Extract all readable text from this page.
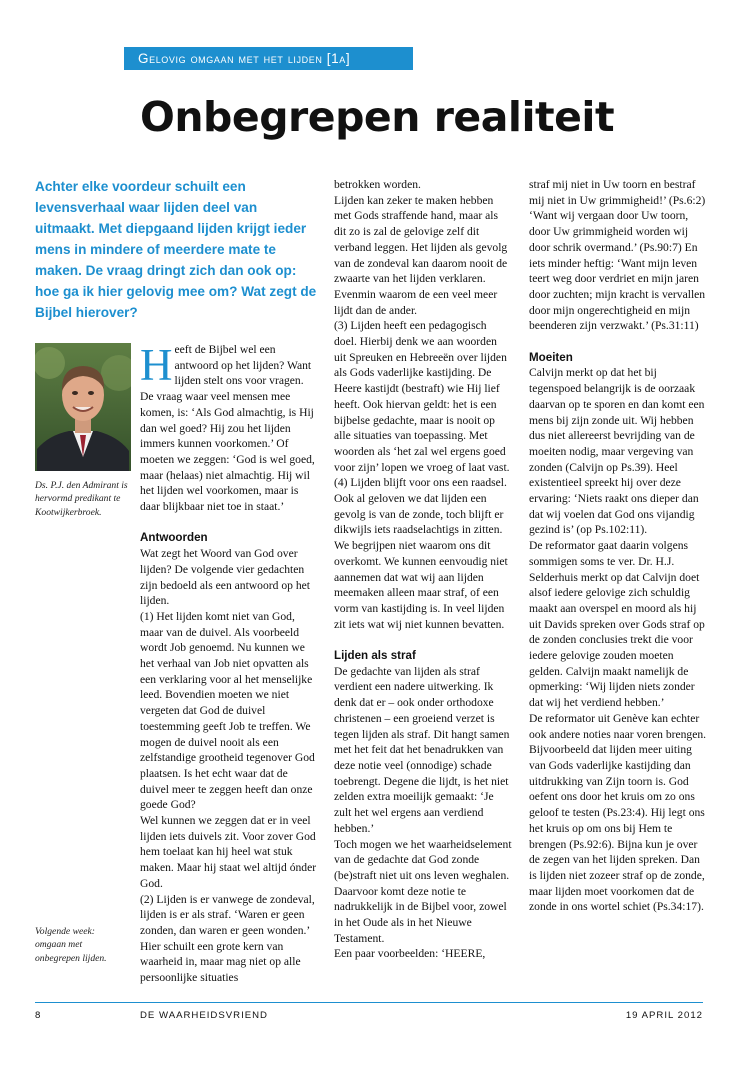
Gelovig omgaan met het lijden [1a]
Onbegrepen realiteit
Achter elke voordeur schuilt een levensverhaal waar lijden deel van uitmaakt. Met diepgaand lijden krijgt ieder mens in mindere of meerdere mate te maken. De vraag dringt zich dan ook op: hoe ga ik hier gelovig mee om? Wat zegt de Bijbel hierover?
Ds. P.J. den Admirant is hervormd predikant te Kootwijkerbroek.
Volgende week: omgaan met onbegrepen lijden.

Heeft de Bijbel wel een antwoord op het lijden? Want lijden stelt ons voor vragen. De vraag waar veel mensen mee komen, is: ‘Als God almachtig, is Hij dan wel goed? Hij zou het lijden immers kunnen voorkomen.’ Of moeten we zeggen: ‘God is wel goed, maar (helaas) niet almachtig. Hij wil het lijden wel voorkomen, maar is daar blijkbaar niet toe in staat.’

Antwoorden

Wat zegt het Woord van God over lijden? De volgende vier gedachten zijn bedoeld als een antwoord op het lijden.

(1) Het lijden komt niet van God, maar van de duivel. Als voorbeeld wordt Job genoemd. Nu kunnen we het verhaal van Job niet opvatten als een verklaring voor al het menselijke leed. Bovendien moeten we niet vergeten dat God de duivel toestemming geeft Job te treffen. We mogen de duivel nooit als een zelfstandige grootheid tegenover God plaatsen. Is het echt waar dat de duivel meer te zeggen heeft dan onze goede God?

Wel kunnen we zeggen dat er in veel lijden iets duivels zit. Voor zover God hem toelaat kan hij heel wat stuk maken. Maar hij staat wel altijd ónder God.

(2) Lijden is er vanwege de zondeval, lijden is er als straf. ‘Waren er geen zonden, dan waren er geen wonden.’ Hier schuilt een grote kern van waarheid in, maar mag niet op alle persoonlijke situaties

betrokken worden.

Lijden kan zeker te maken hebben met Gods straffende hand, maar als dit zo is zal de gelovige zelf dit verband leggen. Het lijden als gevolg van de zondeval kan daarom nooit de zwaarte van het lijden verklaren. Evenmin waarom de een veel meer lijdt dan de ander.

(3) Lijden heeft een pedagogisch doel. Hierbij denk we aan woorden uit Spreuken en Hebreeën over lijden als Gods vaderlijke kastijding. De Heere kastijdt (bestraft) wie Hij lief heeft. Ook hiervan geldt: het is een bijbelse gedachte, maar is nooit op alle situaties van toepassing. Met woorden als ‘het zal wel ergens goed voor zijn’ lopen we vroeg of laat vast.

(4) Lijden blijft voor ons een raadsel. Ook al geloven we dat lijden een gevolg is van de zonde, toch blijft er dikwijls iets raadselachtigs in zitten. We begrijpen niet waarom ons dit overkomt. We kunnen eenvoudig niet aannemen dat wat wij aan lijden meemaken alleen maar straf, of een vorm van kastijding is. In veel lijden zit iets wat wij niet kunnen bevatten.

Lijden als straf

De gedachte van lijden als straf verdient een nadere uitwerking. Ik denk dat er – ook onder orthodoxe christenen – een groeiend verzet is tegen lijden als straf. Dit hangt samen met het feit dat het benadrukken van deze notie veel (onnodige) schade toebrengt. Degene die lijdt, is het niet zelden extra moeilijk gemaakt: ‘Je zult het wel ergens aan verdiend hebben.’

Toch mogen we het waarheidselement van de gedachte dat God zonde (be)straft niet uit ons leven weghalen. Daarvoor komt deze notie te nadrukkelijk in de Bijbel voor, zowel in het Oude als in het Nieuwe Testament.

Een paar voorbeelden: ‘HEERE,

straf mij niet in Uw toorn en bestraf mij niet in Uw grimmigheid!’ (Ps.6:2) ‘Want wij vergaan door Uw toorn, door Uw grimmigheid worden wij door schrik overmand.’ (Ps.90:7) En iets minder heftig: ‘Want mijn leven teert weg door verdriet en mijn jaren door zuchten; mijn kracht is vervallen door mijn ongerechtigheid en mijn beenderen zijn verzwakt.’ (Ps.31:11)

Moeiten

Calvijn merkt op dat het bij tegenspoed belangrijk is de oorzaak daarvan op te sporen en dan komt een mens bij zijn zonde uit. Wij hebben dus niet allereerst bevrijding van de moeiten nodig, maar vergeving van zonden (Calvijn op Ps.39). Heel existentieel spreekt hij over deze ervaring: ‘Niets raakt ons dieper dan dat wij voelen dat God ons vijandig gezind is’ (op Ps.102:11).

De reformator gaat daarin volgens sommigen soms te ver. Dr. H.J. Selderhuis merkt op dat Calvijn doet alsof iedere gelovige zich schuldig maakt aan overspel en moord als hij uit Davids spreken over Gods straf op de zonden conclusies trekt die voor iedere gelovige zouden moeten gelden. Calvijn maakt namelijk de opmerking: ‘Wij lijden niets zonder dat wij het verdiend hebben.’

De reformator uit Genève kan echter ook andere noties naar voren brengen. Bijvoorbeeld dat lijden meer uiting van Gods vaderlijke kastijding dan uitdrukking van Zijn toorn is. God oefent ons door het kruis om zo ons geloof te testen (Ps.23:4). Hij legt ons het kruis op om ons bij Hem te brengen (Ps.92:6). Bijna kun je over de zegen van het lijden spreken. Dan is lijden niet zozeer straf op de zonde, maar lijden moet voorkomen dat de zonde in ons wortel schiet (Ps.34:17).

8	DE WAARHEIDSVRIEND	19 APRIL 2012
